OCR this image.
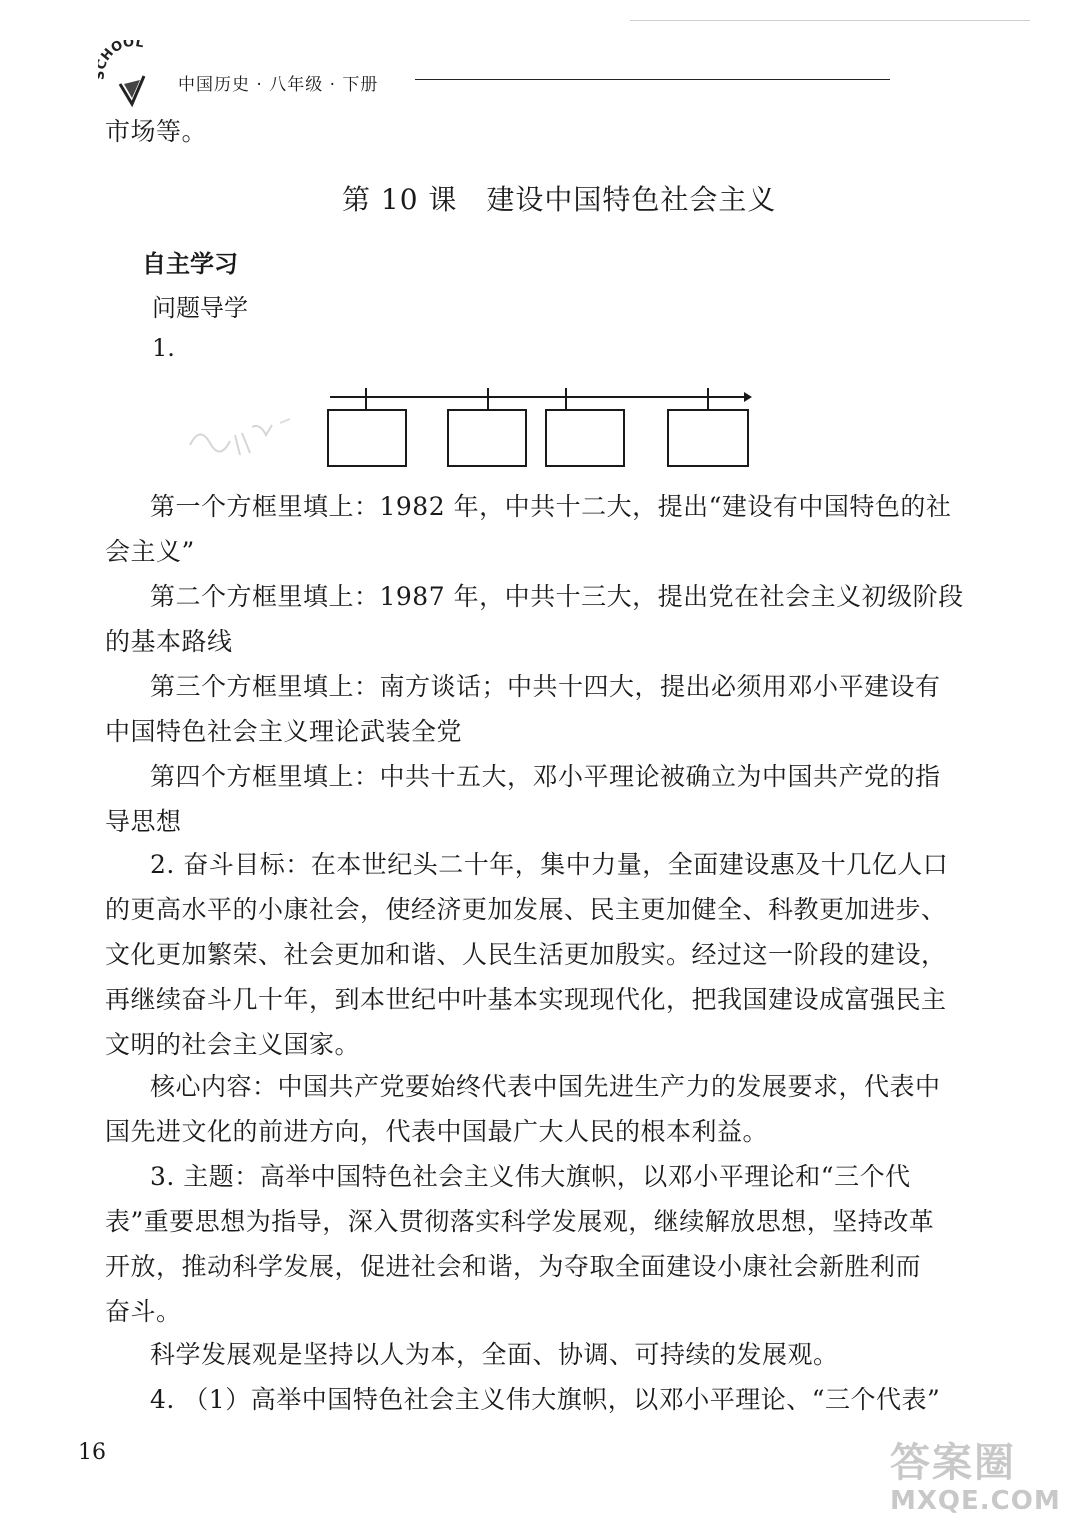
HOOL
中国历史 · 八年级 · 下册
市场等。
第 10 课　建设中国特色社会主义
自主学习
问题导学
1.
第一个方框里填上：1982 年，中共十二大，提出“建设有中国特色的社
会主义”
第二个方框里填上：1987 年，中共十三大，提出党在社会主义初级阶段
的基本路线
第三个方框里填上：南方谈话；中共十四大，提出必须用邓小平建设有
中国特色社会主义理论武装全党
第四个方框里填上：中共十五大，邓小平理论被确立为中国共产党的指
导思想
2. 奋斗目标：在本世纪头二十年，集中力量，全面建设惠及十几亿人口
的更高水平的小康社会，使经济更加发展、民主更加健全、科教更加进步、
文化更加繁荣、社会更加和谐、人民生活更加殷实。经过这一阶段的建设，
再继续奋斗几十年，到本世纪中叶基本实现现代化，把我国建设成富强民主
文明的社会主义国家。
核心内容：中国共产党要始终代表中国先进生产力的发展要求，代表中
国先进文化的前进方向，代表中国最广大人民的根本利益。
3. 主题：高举中国特色社会主义伟大旗帜，以邓小平理论和“三个代
表”重要思想为指导，深入贯彻落实科学发展观，继续解放思想，坚持改革
开放，推动科学发展，促进社会和谐，为夺取全面建设小康社会新胜利而
奋斗。
科学发展观是坚持以人为本，全面、协调、可持续的发展观。
4. （1）高举中国特色社会主义伟大旗帜，以邓小平理论、“三个代表”
16	答案圈
MXQE.COM
